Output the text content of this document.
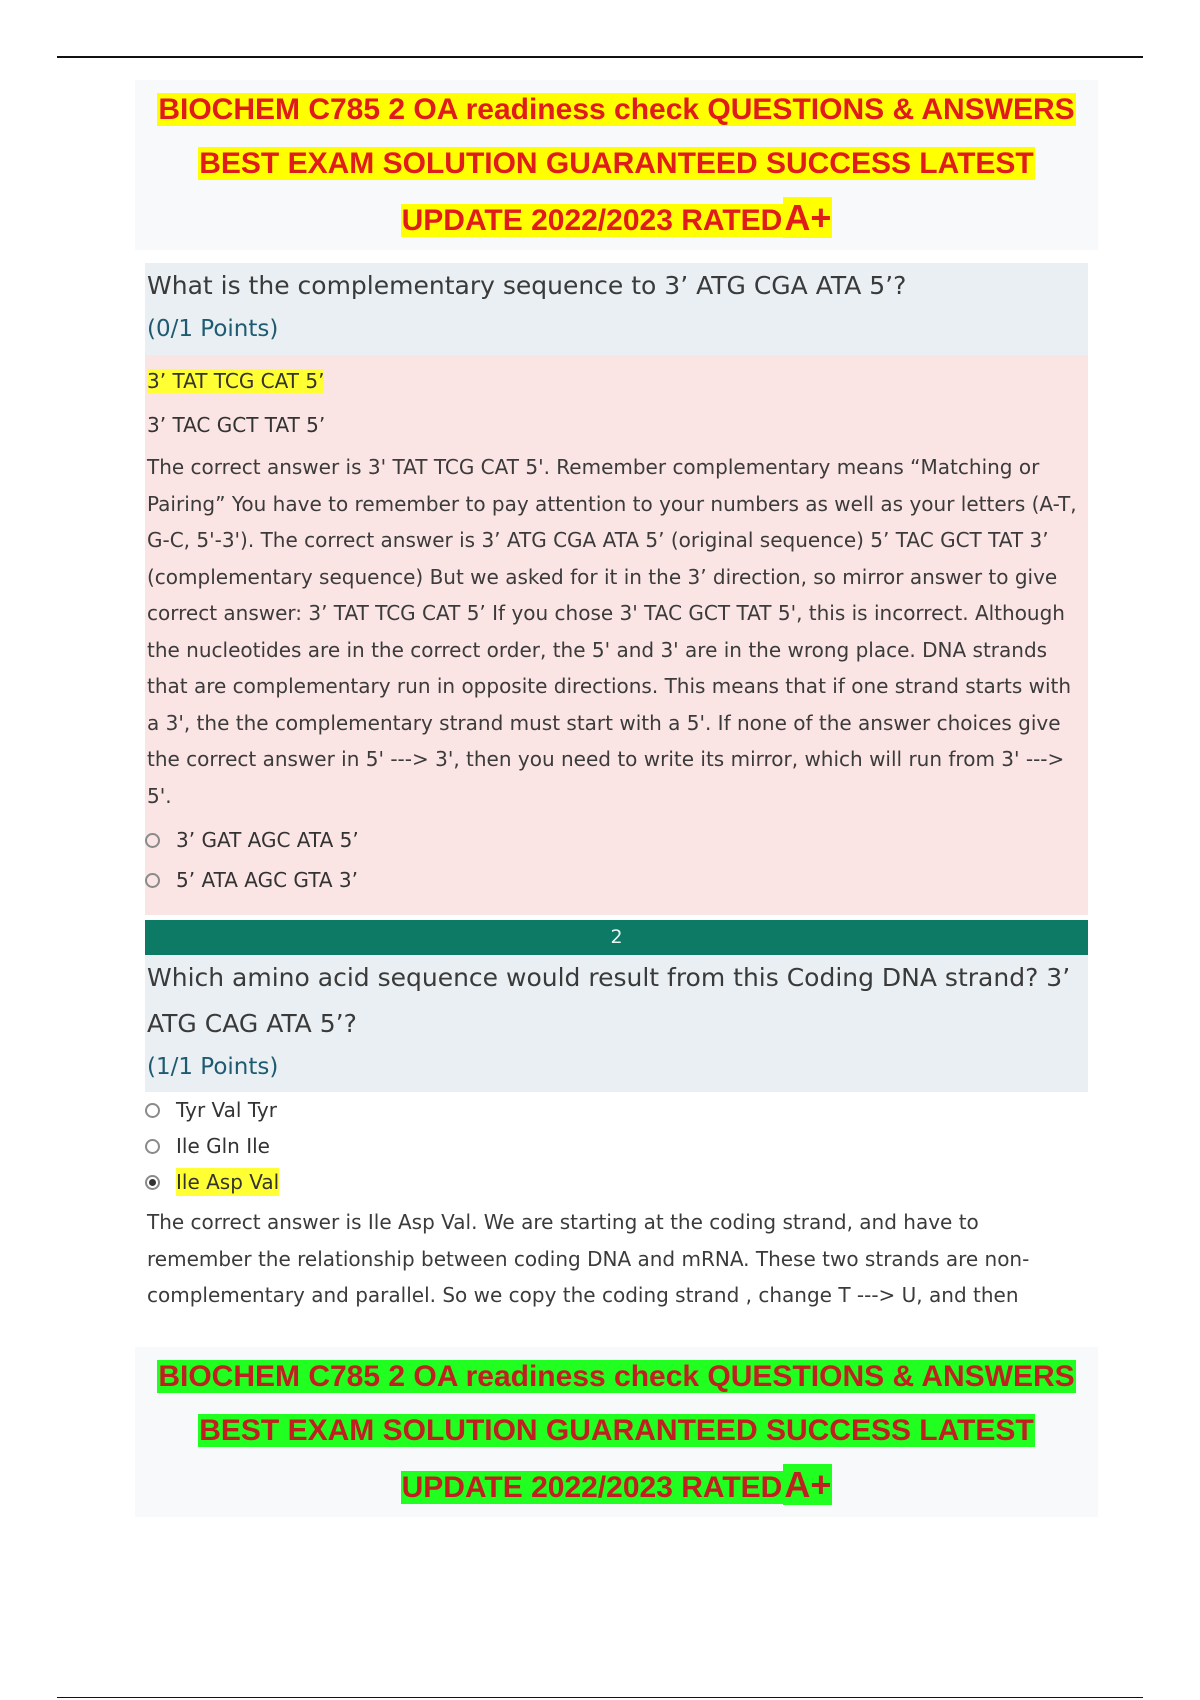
BIOCHEM C785 2 OA readiness check QUESTIONS & ANSWERS
BEST EXAM SOLUTION GUARANTEED SUCCESS LATEST
UPDATE 2022/2023 RATEDA+
What is the complementary sequence to 3’ ATG CGA ATA 5’?
(0/1 Points)
3’ TAT TCG CAT 5’
3’ TAC GCT TAT 5’

The correct answer is 3' TAT TCG CAT 5'. Remember complementary means “Matching or Pairing” You have to remember to pay attention to your numbers as well as your letters (A-T, G-C, 5'-3'). The correct answer is 3’ ATG CGA ATA 5’ (original sequence) 5’ TAC GCT TAT 3’ (complementary sequence) But we asked for it in the 3’ direction, so mirror answer to give correct answer: 3’ TAT TCG CAT 5’ If you chose 3' TAC GCT TAT 5', this is incorrect. Although the nucleotides are in the correct order, the 5' and 3' are in the wrong place. DNA strands that are complementary run in opposite directions. This means that if one strand starts with a 3', the the complementary strand must start with a 5'. If none of the answer choices give the correct answer in 5' ---> 3', then you need to write its mirror, which will run from 3' ---> 5'.

3’ GAT AGC ATA 5’
5’ ATA AGC GTA 3’
2
Which amino acid sequence would result from this Coding DNA strand? 3’ ATG CAG ATA 5’?
(1/1 Points)
Tyr Val Tyr
Ile Gln Ile
Ile Asp Val

The correct answer is Ile Asp Val. We are starting at the coding strand, and have to remember the relationship between coding DNA and mRNA. These two strands are non-complementary and parallel. So we copy the coding strand , change T ---> U, and then

BIOCHEM C785 2 OA readiness check QUESTIONS & ANSWERS
BEST EXAM SOLUTION GUARANTEED SUCCESS LATEST
UPDATE 2022/2023 RATEDA+
